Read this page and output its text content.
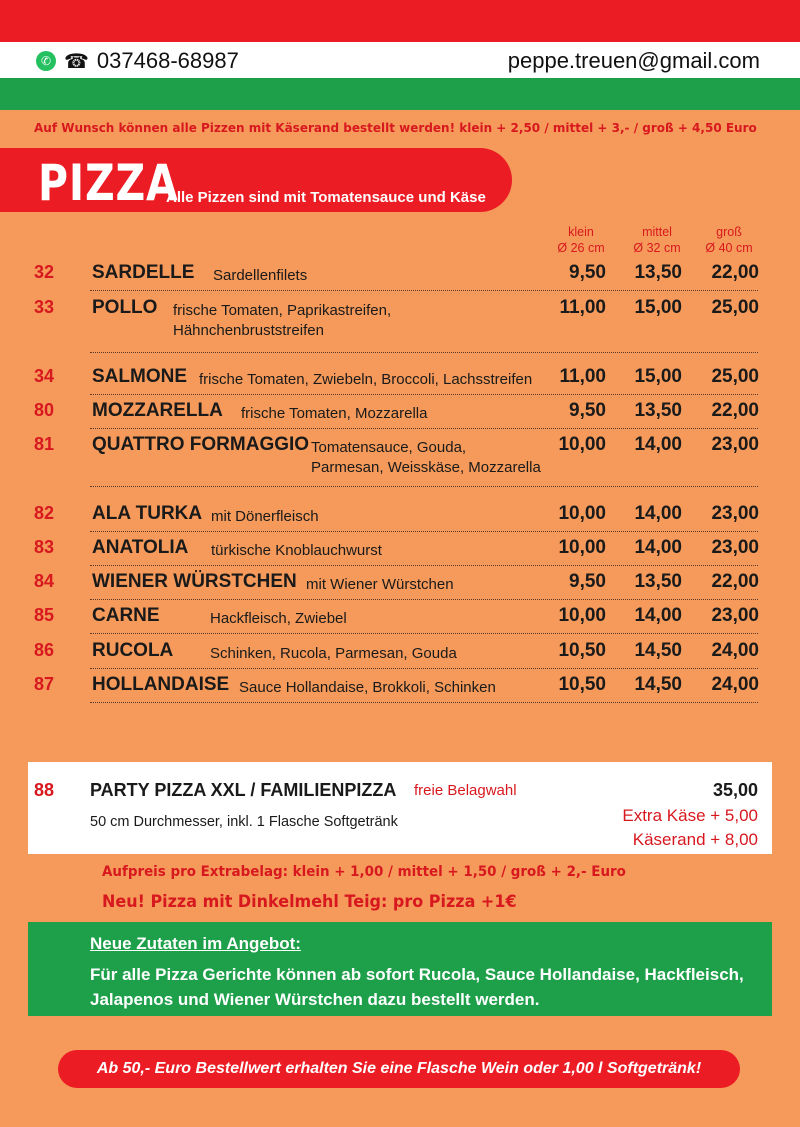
✆ ☎ 037468-68987	peppe.treuen@gmail.com
Auf Wunsch können alle Pizzen mit Käserand bestellt werden! klein + 2,50 / mittel + 3,- / groß + 4,50 Euro
PIZZA
Alle Pizzen sind mit Tomatensauce und Käse
klein
Ø 26 cm
mittel
Ø 32 cm
groß
Ø 40 cm
32 SARDELLE Sardellenfilets	9,50	13,50	22,00
33 POLLO frische Tomaten, Paprikastreifen,
Hähnchenbruststreifen
11,00	15,00	25,00
34 SALMONE frische Tomaten, Zwiebeln, Broccoli, Lachsstreifen	11,00	15,00	25,00
80 MOZZARELLA frische Tomaten, Mozzarella	9,50	13,50	22,00
81 QUATTRO FORMAGGIO Tomatensauce, Gouda,
Parmesan, Weisskäse, Mozzarella
10,00	14,00	23,00
82 ALA TURKA mit Dönerfleisch	10,00	14,00	23,00
83 ANATOLIA türkische Knoblauchwurst	10,00	14,00	23,00
84 WIENER WÜRSTCHEN mit Wiener Würstchen	9,50	13,50	22,00
85 CARNE	Hackfleisch, Zwiebel	10,00	14,00	23,00
86 RUCOLA Schinken, Rucola, Parmesan, Gouda	10,50	14,50	24,00
87 HOLLANDAISE Sauce Hollandaise, Brokkoli, Schinken	10,50	14,50	24,00
88 PARTY PIZZA XXL / FAMILIENPIZZA freie Belagwahl
50 cm Durchmesser, inkl. 1 Flasche Softgetränk
35,00
Extra Käse + 5,00
Käserand + 8,00
Aufpreis pro Extrabelag: klein + 1,00 / mittel + 1,50 / groß + 2,- Euro
Neu! Pizza mit Dinkelmehl Teig: pro Pizza +1€
Neue Zutaten im Angebot:
Für alle Pizza Gerichte können ab sofort Rucola, Sauce Hollandaise, Hackfleisch, Jalapenos und Wiener Würstchen dazu bestellt werden.
Ab 50,- Euro Bestellwert erhalten Sie eine Flasche Wein oder 1,00 l Softgetränk!
